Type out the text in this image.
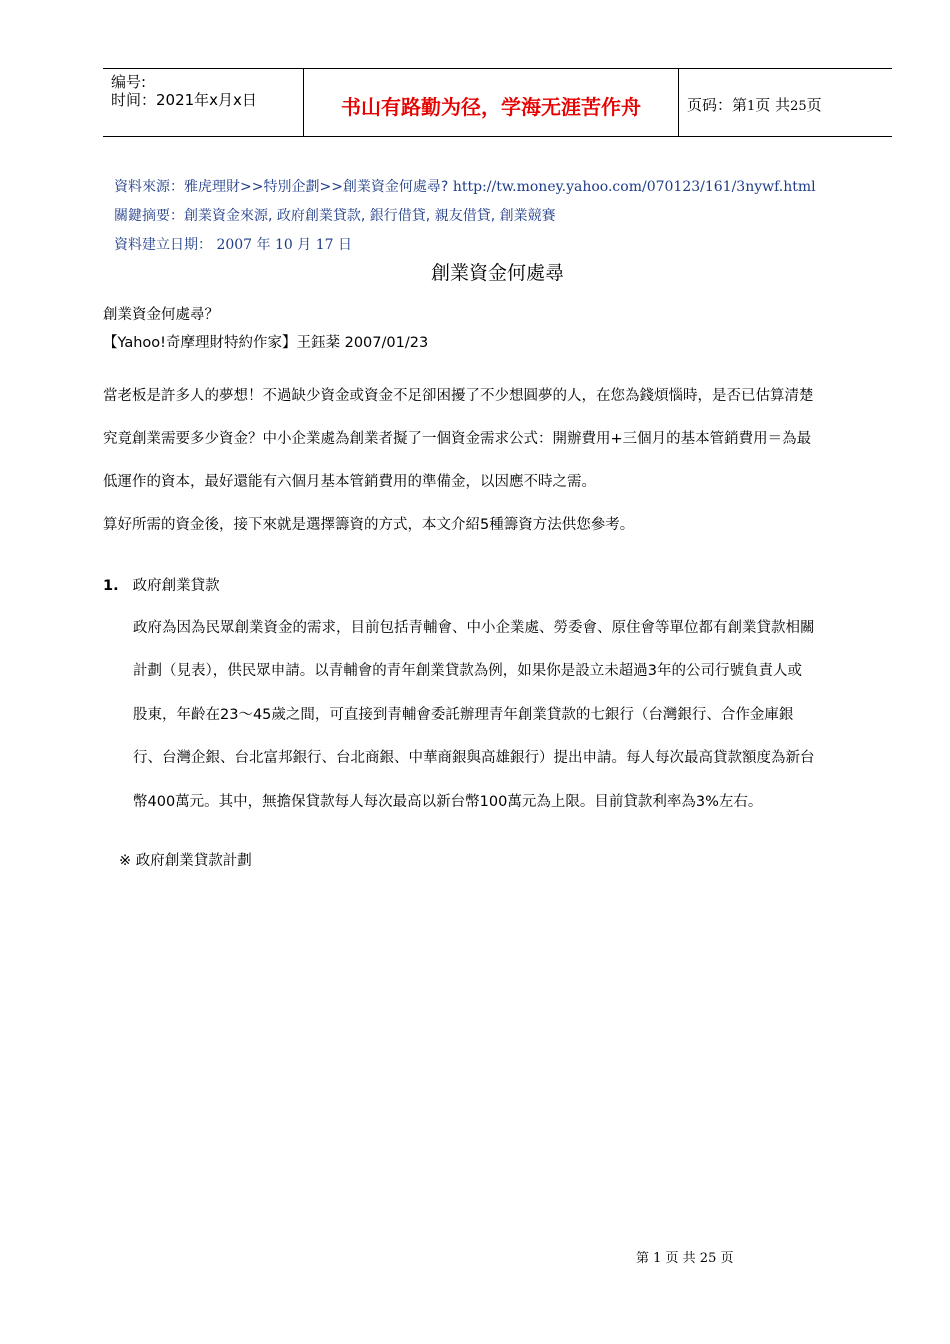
编号:
时间：2021年x月x日	书山有路勤为径，学海无涯苦作舟	页码：第1页 共25页
資料來源：雅虎理財>>特別企劃>>創業資金何處尋? http://tw.money.yahoo.com/070123/161/3nywf.html
關鍵摘要：創業資金來源, 政府創業貸款, 銀行借貸, 親友借貸, 創業競賽
資料建立日期： 2007 年 10 月 17 日
創業資金何處尋
創業資金何處尋？
【Yahoo!奇摩理財特約作家】王鈺棻 2007/01/23
當老板是許多人的夢想！不過缺少資金或資金不足卻困擾了不少想圓夢的人，在您為錢煩惱時，是否已估算清楚
究竟創業需要多少資金？中小企業處為創業者擬了一個資金需求公式：開辦費用+三個月的基本管銷費用＝為最
低運作的資本，最好還能有六個月基本管銷費用的準備金，以因應不時之需。
算好所需的資金後，接下來就是選擇籌資的方式，本文介紹5種籌資方法供您參考。
1. 政府創業貸款
政府為因為民眾創業資金的需求，目前包括青輔會、中小企業處、勞委會、原住會等單位都有創業貸款相關
計劃（見表），供民眾申請。以青輔會的青年創業貸款為例，如果你是設立未超過3年的公司行號負責人或
股東，年齡在23～45歲之間，可直接到青輔會委託辦理青年創業貸款的七銀行（台灣銀行、合作金庫銀
行、台灣企銀、台北富邦銀行、台北商銀、中華商銀與高雄銀行）提出申請。每人每次最高貸款額度為新台
幣400萬元。其中，無擔保貸款每人每次最高以新台幣100萬元為上限。目前貸款利率為3%左右。
※ 政府創業貸款計劃
第 1 页 共 25 页
